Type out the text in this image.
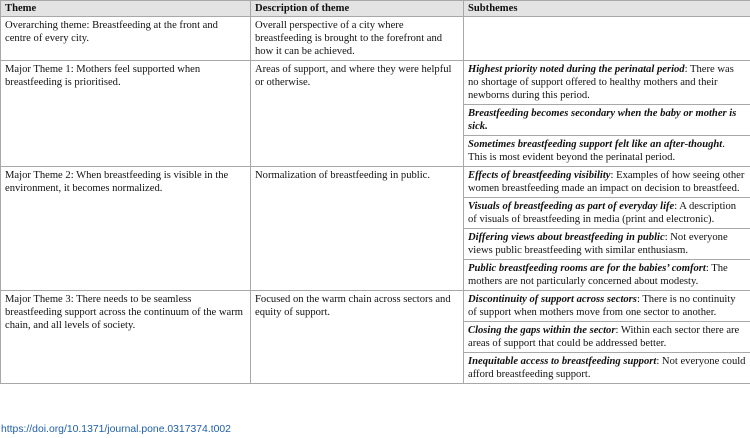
Theme	Description of theme	Subthemes
Overarching theme: Breastfeeding at the front and centre of every city.	Overall perspective of a city where breastfeeding is brought to the forefront and how it can be achieved.	
Major Theme 1: Mothers feel supported when breastfeeding is prioritised.	Areas of support, and where they were helpful or otherwise.	Highest priority noted during the perinatal period: There was no shortage of support offered to healthy mothers and their newborns during this period.
		Breastfeeding becomes secondary when the baby or mother is sick.
		Sometimes breastfeeding support felt like an after-thought. This is most evident beyond the perinatal period.
Major Theme 2: When breastfeeding is visible in the environment, it becomes normalized.	Normalization of breastfeeding in public.	Effects of breastfeeding visibility: Examples of how seeing other women breastfeeding made an impact on decision to breastfeed.
		Visuals of breastfeeding as part of everyday life: A description of visuals of breastfeeding in media (print and electronic).
		Differing views about breastfeeding in public: Not everyone views public breastfeeding with similar enthusiasm.
		Public breastfeeding rooms are for the babies’ comfort: The mothers are not particularly concerned about modesty.
Major Theme 3: There needs to be seamless breastfeeding support across the continuum of the warm chain, and all levels of society.	Focused on the warm chain across sectors and equity of support.	Discontinuity of support across sectors: There is no continuity of support when mothers move from one sector to another.
		Closing the gaps within the sector: Within each sector there are areas of support that could be addressed better.
		Inequitable access to breastfeeding support: Not everyone could afford breastfeeding support.
https://doi.org/10.1371/journal.pone.0317374.t002
